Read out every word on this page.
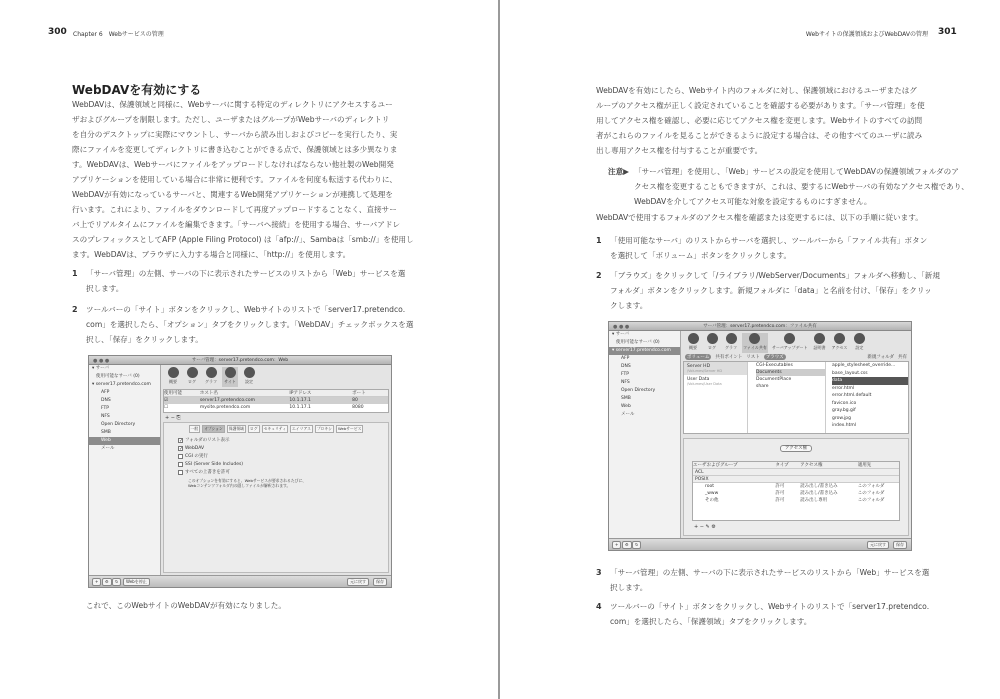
300 Chapter 6　Webサービスの管理
WebDAVを有効にする
WebDAVは、保護領域と同様に、Webサーバに関する特定のディレクトリにアクセスするユー
ザおよびグループを制限します。ただし、ユーザまたはグループがWebサーバのディレクトリ
を自分のデスクトップに実際にマウントし、サーバから読み出しおよびコピーを実行したり、実
際にファイルを変更してディレクトリに書き込むことができる点で、保護領域とは多少異なりま
す。WebDAVは、Webサーバにファイルをアップロードしなければならない他社製のWeb開発
アプリケーションを使用している場合に非常に便利です。ファイルを何度も転送する代わりに、
WebDAVが有効になっているサーバと、関連するWeb開発アプリケーションが連携して処理を
行います。これにより、ファイルをダウンロードして再度アップロードすることなく、直接サー
バ上でリアルタイムにファイルを編集できます。「サーバへ接続」を使用する場合、サーバアドレ
スのプレフィックスとしてAFP (Apple Filing Protocol) は「afp://」、Sambaは「smb://」を使用し
ます。WebDAVは、ブラウザに入力する場合と同様に、「http://」を使用します。
1 「サーバ管理」の左側、サーバの下に表示されたサービスのリストから「Web」サービスを選
択します。
2 ツールバーの「サイト」ボタンをクリックし、Webサイトのリストで「server17.pretendco.
com」を選択したら、「オプション」タブをクリックします。「WebDAV」チェックボックスを選
択し、「保存」をクリックします。
これで、このWebサイトのWebDAVが有効になりました。
サーバ管理：server17.pretendco.com：Web
● ● ●
▾ サーバ
使用可能なサーバ (0)
▾ server17.pretendco.com
AFP
DNS
FTP
NFS
Open Directory
SMB
Web
メール
概要	ログ	グラフ サイト	設定
使用可能	ホスト名	IPアドレス	ポート
☑	server17.pretendco.com	10.1.17.1	80
☐	mysite.pretendco.com	10.1.17.1	8080
+ − ⎘
一般	オプション	保護領域	ログ	セキュリティ	エイリアス	プロキシ	Webサービス
✓ フォルダのリスト表示
✓ WebDAV
CGI の実行
SSI (Server Side Includes)
すべての上書きを許可
このオプションを有効にすると、Webサービスが要求されるたびに、
Webコンテンツフォルダ内の隠しファイルが解釈されます。
+	⚙	↻	Webを停止	元に戻す	保存
Webサイトの保護領域およびWebDAVの管理 301
WebDAVを有効にしたら、Webサイト内のフォルダに対し、保護領域におけるユーザまたはグ
ループのアクセス権が正しく設定されていることを確認する必要があります。「サーバ管理」を使
用してアクセス権を確認し、必要に応じてアクセス権を変更します。Webサイトのすべての訪問
者がこれらのファイルを見ることができるように設定する場合は、その他すべてのユーザに読み
出し専用アクセス権を付与することが重要です。
注意▶ 「サーバ管理」を使用し、「Web」サービスの設定を使用してWebDAVの保護領域フォルダのア
クセス権を変更することもできますが、これは、要するにWebサーバの有効なアクセス権であり、
WebDAVを介してアクセス可能な対象を設定するものにすぎません。
WebDAVで使用するフォルダのアクセス権を確認または変更するには、以下の手順に従います。
1 「使用可能なサーバ」のリストからサーバを選択し、ツールバーから「ファイル共有」ボタン
を選択して「ボリューム」ボタンをクリックします。
2 「ブラウズ」をクリックして「/ライブラリ/WebServer/Documents」フォルダへ移動し、「新規
フォルダ」ボタンをクリックします。新規フォルダに「data」と名前を付け、「保存」をクリッ
クします。
3 「サーバ管理」の左側、サーバの下に表示されたサービスのリストから「Web」サービスを選
択します。
4 ツールバーの「サイト」ボタンをクリックし、Webサイトのリストで「server17.pretendco.
com」を選択したら、「保護領域」タブをクリックします。
サーバ管理：server17.pretendco.com：ファイル共有
● ● ●
▾ サーバ
使用可能なサーバ (0)
▾ server17.pretendco.com
AFP
DNS
FTP
NFS
Open Directory
SMB
Web
メール
概要	ログ	グラフ ファイル共有 サーバアップデート 証明書 アクセス	設定
ボリューム	共有ポイント リスト	ブラウズ	新規フォルダ 共有
Server HD
/Volumes/Server HD
User Data
/Volumes/User Data
CGI-Executables
Documents
DocumentPlace
share
apple_stylesheet_override...
base_layout.css
data
error.html
error.html.default
favicon.ico
gray.bg.gif
grow.jpg
index.html
アクセス権
ユーザおよびグループ	タイプ	アクセス権	適用先
ACL
POSIX
root	許可	読み出し/書き込み	このフォルダ
_www	許可	読み出し/書き込み	このフォルダ
その他	許可	読み出し専用	このフォルダ
+ − ✎ ⚙
+	⚙	↻	元に戻す	保存
